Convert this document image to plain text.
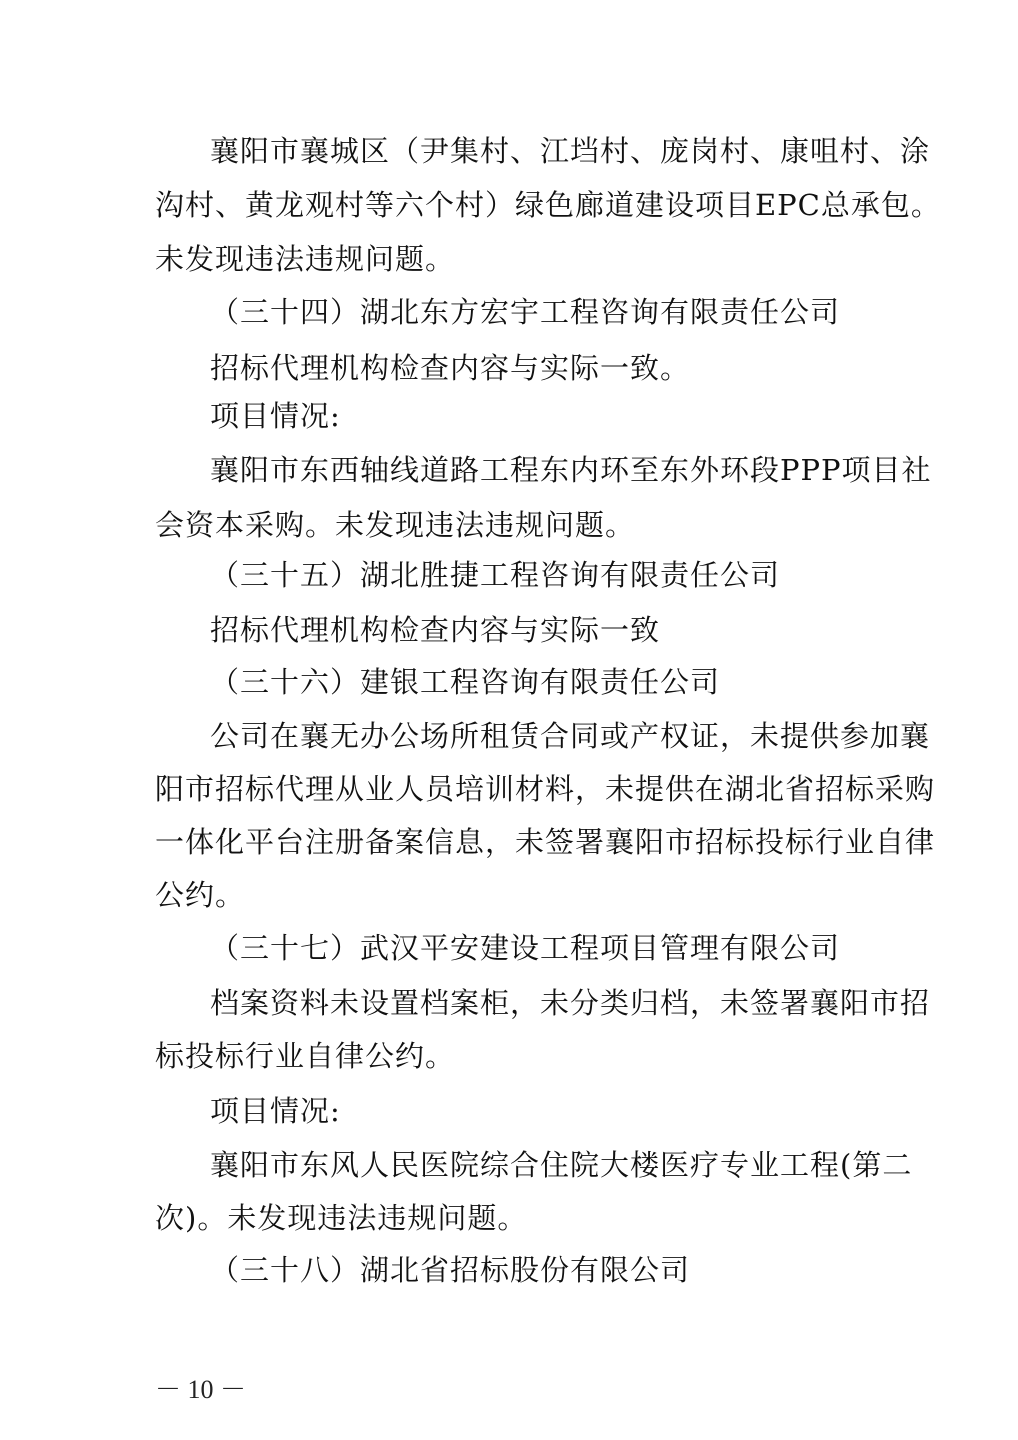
襄阳市襄城区（尹集村、江垱村、庞岗村、康咀村、涂
沟村、黄龙观村等六个村）绿色廊道建设项目EPC总承包。
未发现违法违规问题。
（三十四）湖北东方宏宇工程咨询有限责任公司
招标代理机构检查内容与实际一致。
项目情况:
襄阳市东西轴线道路工程东内环至东外环段PPP项目社
会资本采购。未发现违法违规问题。
（三十五）湖北胜捷工程咨询有限责任公司
招标代理机构检查内容与实际一致
（三十六）建银工程咨询有限责任公司
公司在襄无办公场所租赁合同或产权证，未提供参加襄
阳市招标代理从业人员培训材料，未提供在湖北省招标采购
一体化平台注册备案信息，未签署襄阳市招标投标行业自律
公约。
（三十七）武汉平安建设工程项目管理有限公司
档案资料未设置档案柜，未分类归档，未签署襄阳市招
标投标行业自律公约。
项目情况:
襄阳市东风人民医院综合住院大楼医疗专业工程(第二
次)。未发现违法违规问题。
（三十八）湖北省招标股份有限公司
－ 10 －
